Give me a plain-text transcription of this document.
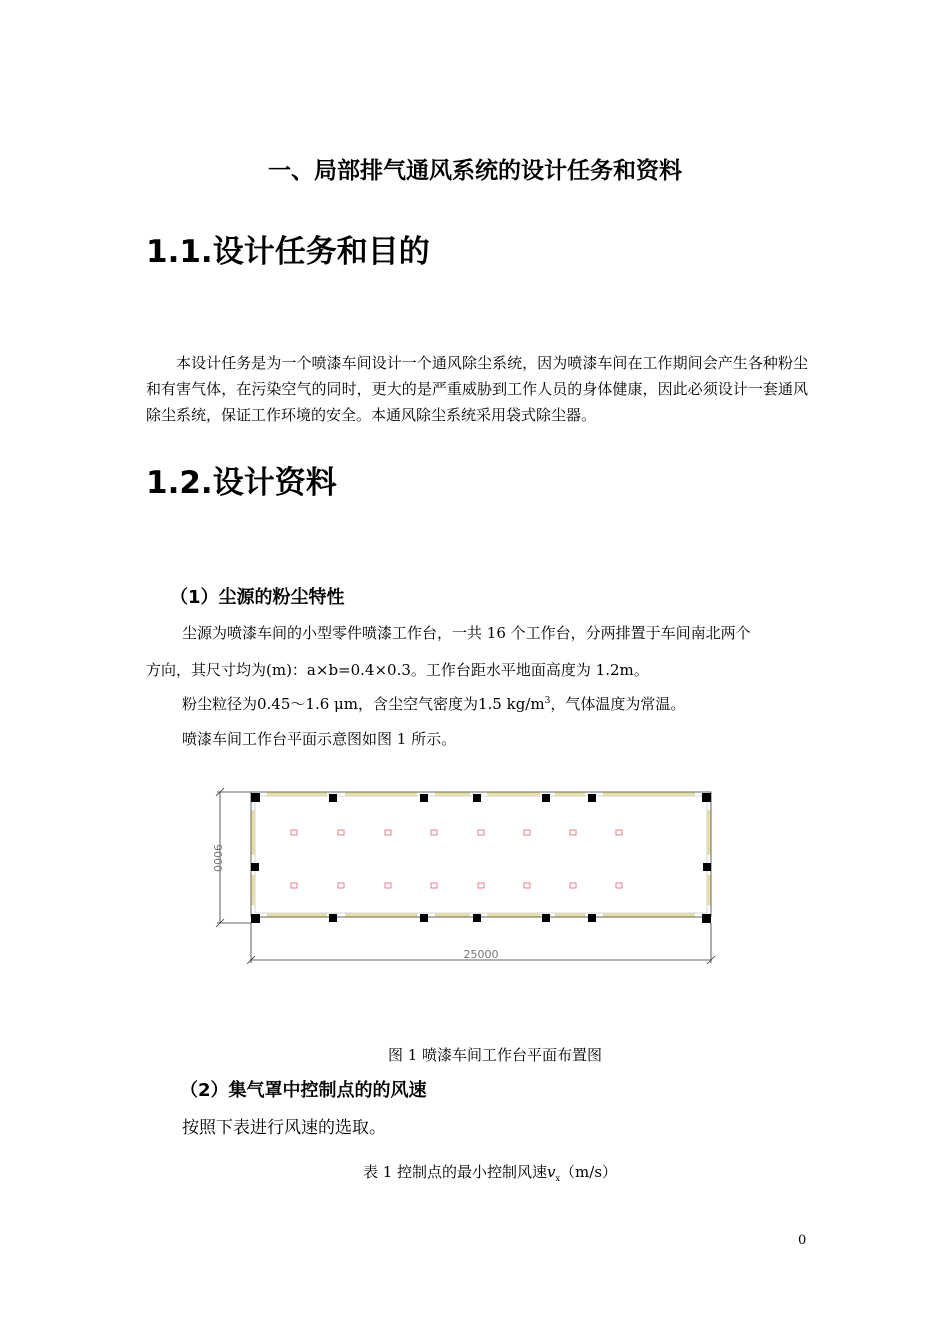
一、局部排气通风系统的设计任务和资料
1.1.设计任务和目的
本设计任务是为一个喷漆车间设计一个通风除尘系统，因为喷漆车间在工作期间会产生各种粉尘和有害气体，在污染空气的同时，更大的是严重威胁到工作人员的身体健康，因此必须设计一套通风除尘系统，保证工作环境的安全。本通风除尘系统采用袋式除尘器。
1.2.设计资料
（1）尘源的粉尘特性
尘源为喷漆车间的小型零件喷漆工作台，一共 16 个工作台，分两排置于车间南北两个
方向，其尺寸均为(m)：a×b=0.4×0.3。工作台距水平地面高度为 1.2m。
粉尘粒径为0.45～1.6 μm，含尘空气密度为1.5 $kg/m^3$，气体温度为常温。
喷漆车间工作台平面示意图如图 1 所示。
9000
25000
图 1 喷漆车间工作台平面布置图
（2）集气罩中控制点的的风速
按照下表进行风速的选取。
表 1 控制点的最小控制风速$v_x(m/s)$
0
